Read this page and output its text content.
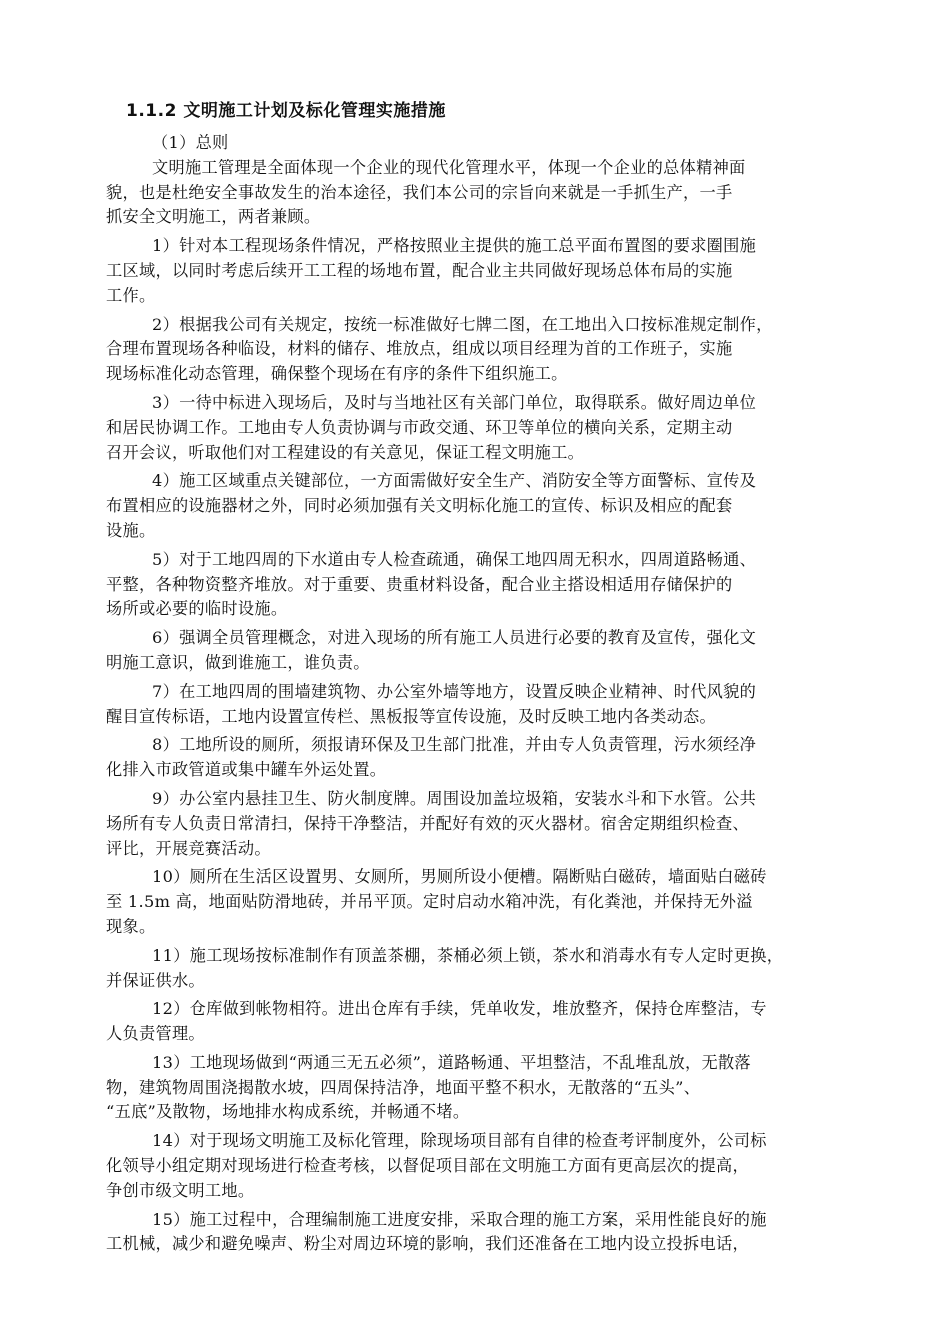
1.1.2 文明施工计划及标化管理实施措施
（1）总则
文明施工管理是全面体现一个企业的现代化管理水平，体现一个企业的总体精神面
貌，也是杜绝安全事故发生的治本途径，我们本公司的宗旨向来就是一手抓生产，一手
抓安全文明施工，两者兼顾。
1）针对本工程现场条件情况，严格按照业主提供的施工总平面布置图的要求圈围施
工区域，以同时考虑后续开工工程的场地布置，配合业主共同做好现场总体布局的实施
工作。
2）根据我公司有关规定，按统一标准做好七牌二图，在工地出入口按标准规定制作，
合理布置现场各种临设，材料的储存、堆放点，组成以项目经理为首的工作班子，实施
现场标准化动态管理，确保整个现场在有序的条件下组织施工。
3）一待中标进入现场后，及时与当地社区有关部门单位，取得联系。做好周边单位
和居民协调工作。工地由专人负责协调与市政交通、环卫等单位的横向关系，定期主动
召开会议，听取他们对工程建设的有关意见，保证工程文明施工。
4）施工区域重点关键部位，一方面需做好安全生产、消防安全等方面警标、宣传及
布置相应的设施器材之外，同时必须加强有关文明标化施工的宣传、标识及相应的配套
设施。
5）对于工地四周的下水道由专人检查疏通，确保工地四周无积水，四周道路畅通、
平整，各种物资整齐堆放。对于重要、贵重材料设备，配合业主搭设相适用存储保护的
场所或必要的临时设施。
6）强调全员管理概念，对进入现场的所有施工人员进行必要的教育及宣传，强化文
明施工意识，做到谁施工，谁负责。
7）在工地四周的围墙建筑物、办公室外墙等地方，设置反映企业精神、时代风貌的
醒目宣传标语，工地内设置宣传栏、黑板报等宣传设施，及时反映工地内各类动态。
8）工地所设的厕所，须报请环保及卫生部门批准，并由专人负责管理，污水须经净
化排入市政管道或集中罐车外运处置。
9）办公室内悬挂卫生、防火制度牌。周围设加盖垃圾箱，安装水斗和下水管。公共
场所有专人负责日常清扫，保持干净整洁，并配好有效的灭火器材。宿舍定期组织检查、
评比，开展竞赛活动。
10）厕所在生活区设置男、女厕所，男厕所设小便槽。隔断贴白磁砖，墙面贴白磁砖
至 1.5m 高，地面贴防滑地砖，并吊平顶。定时启动水箱冲洗，有化粪池，并保持无外溢
现象。
11）施工现场按标准制作有顶盖茶棚，茶桶必须上锁，茶水和消毒水有专人定时更换，
并保证供水。
12）仓库做到帐物相符。进出仓库有手续，凭单收发，堆放整齐，保持仓库整洁，专
人负责管理。
13）工地现场做到“两通三无五必须”，道路畅通、平坦整洁，不乱堆乱放，无散落
物，建筑物周围浇揭散水坡，四周保持洁净，地面平整不积水，无散落的“五头”、
“五底”及散物，场地排水构成系统，并畅通不堵。
14）对于现场文明施工及标化管理，除现场项目部有自律的检查考评制度外，公司标
化领导小组定期对现场进行检查考核，以督促项目部在文明施工方面有更高层次的提高，
争创市级文明工地。
15）施工过程中，合理编制施工进度安排，采取合理的施工方案，采用性能良好的施
工机械，减少和避免噪声、粉尘对周边环境的影响，我们还准备在工地内设立投拆电话，
